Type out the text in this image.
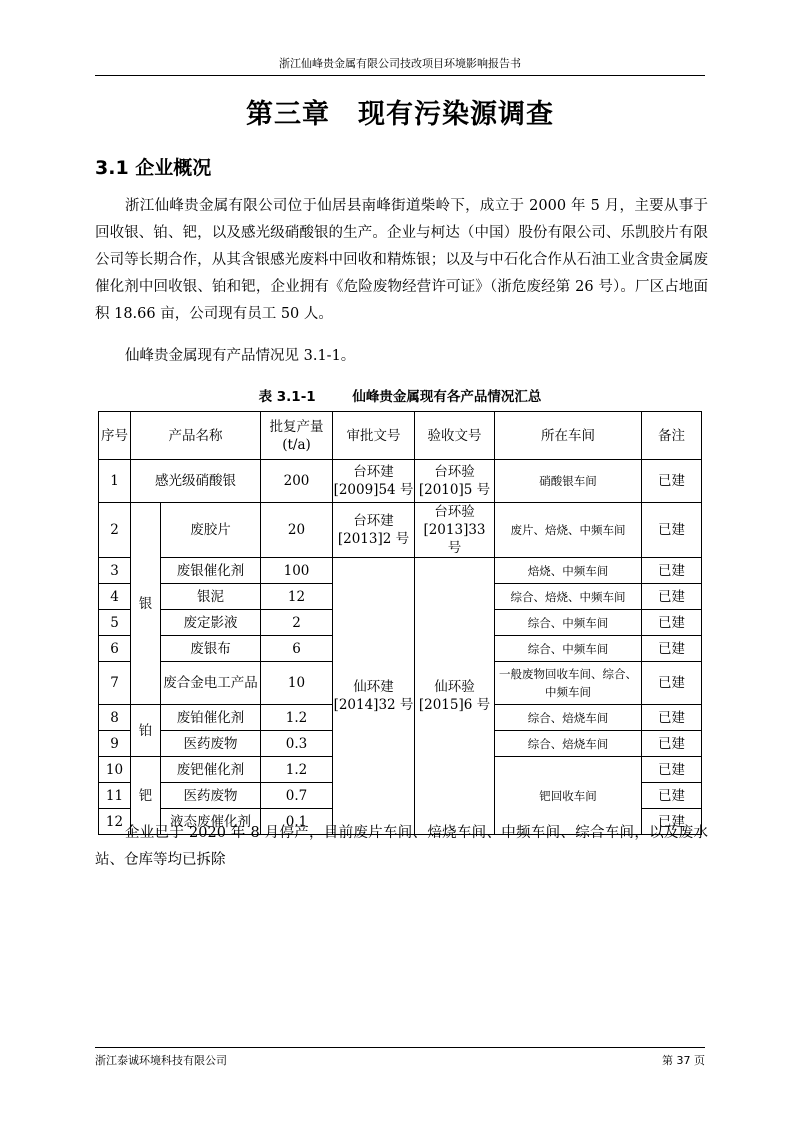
浙江仙峰贵金属有限公司技改项目环境影响报告书
第三章　现有污染源调查
3.1 企业概况
浙江仙峰贵金属有限公司位于仙居县南峰街道柴岭下，成立于 2000 年 5 月，主要从事于回收银、铂、钯，以及感光级硝酸银的生产。企业与柯达（中国）股份有限公司、乐凯胶片有限公司等长期合作，从其含银感光废料中回收和精炼银；以及与中石化合作从石油工业含贵金属废催化剂中回收银、铂和钯，企业拥有《危险废物经营许可证》（浙危废经第 26 号）。厂区占地面积 18.66 亩，公司现有员工 50 人。
仙峰贵金属现有产品情况见 3.1-1。
表 3.1-1	仙峰贵金属现有各产品情况汇总
序号	产品名称		批复产量(t/a)	审批文号	验收文号	所在车间	备注
1	感光级硝酸银		200	台环建[2009]54 号	台环验[2010]5 号	硝酸银车间	已建
2	银	废胶片	20	台环建[2013]2 号	台环验[2013]33 号	废片、焙烧、中频车间	已建
3		废银催化剂	100	仙环建[2014]32 号	仙环验[2015]6 号	焙烧、中频车间	已建
4		银泥	12			综合、焙烧、中频车间	已建
5		废定影液	2			综合、中频车间	已建
6		废银布	6			综合、中频车间	已建
7		废合金电工产品	10			一般废物回收车间、综合、中频车间	已建
8	铂	废铂催化剂	1.2			综合、焙烧车间	已建
9		医药废物	0.3			综合、焙烧车间	已建
10	钯	废钯催化剂	1.2			钯回收车间	已建
11		医药废物	0.7				已建
12		液态废催化剂	0.1				已建
企业已于 2020 年 8 月停产，目前废片车间、焙烧车间、中频车间、综合车间，以及废水站、仓库等均已拆除
浙江泰诚环境科技有限公司	第 37 页
